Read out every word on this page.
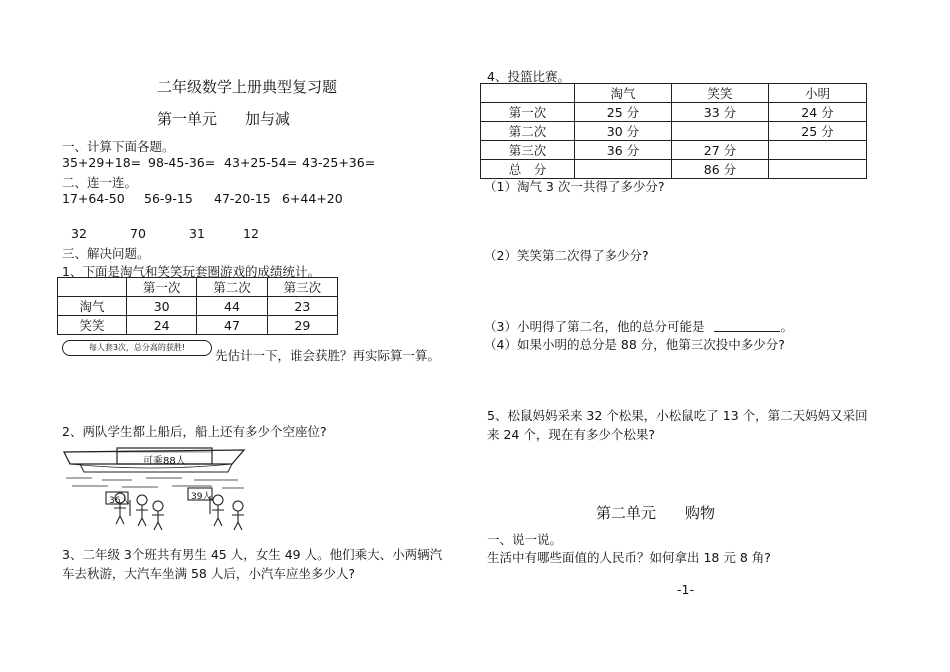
二年级数学上册典型复习题
第一单元 加与减
一、计算下面各题。
35+29+18= 98-45-36= 43+25-54= 43-25+36=
二、连一连。
17+64-50 56-9-15 47-20-15 6+44+20
32	70	31	12
三、解决问题。
1、下面是淘气和笑笑玩套圈游戏的成绩统计。
	第一次	第二次	第三次
淘气	30	44	23
笑笑	24	47	29
每人套3次，总分高的获胜!
先估计一下，谁会获胜？再实际算一算。
2、两队学生都上船后，船上还有多少个空座位?
可乘88人
36人	39人
3、二年级 3个班共有男生 45 人，女生 49 人。他们乘大、小两辆汽
车去秋游，大汽车坐满 58 人后，小汽车应坐多少人?
4、投篮比赛。
	淘气	笑笑	小明
第一次	25 分	33 分	24 分
第二次	30 分		25 分
第三次	36 分	27 分	
总　分		86 分	
（1）淘气 3 次一共得了多少分?
（2）笑笑第二次得了多少分?
（3）小明得了第二名，他的总分可能是	。
（4）如果小明的总分是 88 分，他第三次投中多少分?
5、松鼠妈妈采来 32 个松果，小松鼠吃了 13 个，第二天妈妈又采回
来 24 个，现在有多少个松果?
第二单元 购物
一、说一说。
生活中有哪些面值的人民币？如何拿出 18 元 8 角?
-1-
